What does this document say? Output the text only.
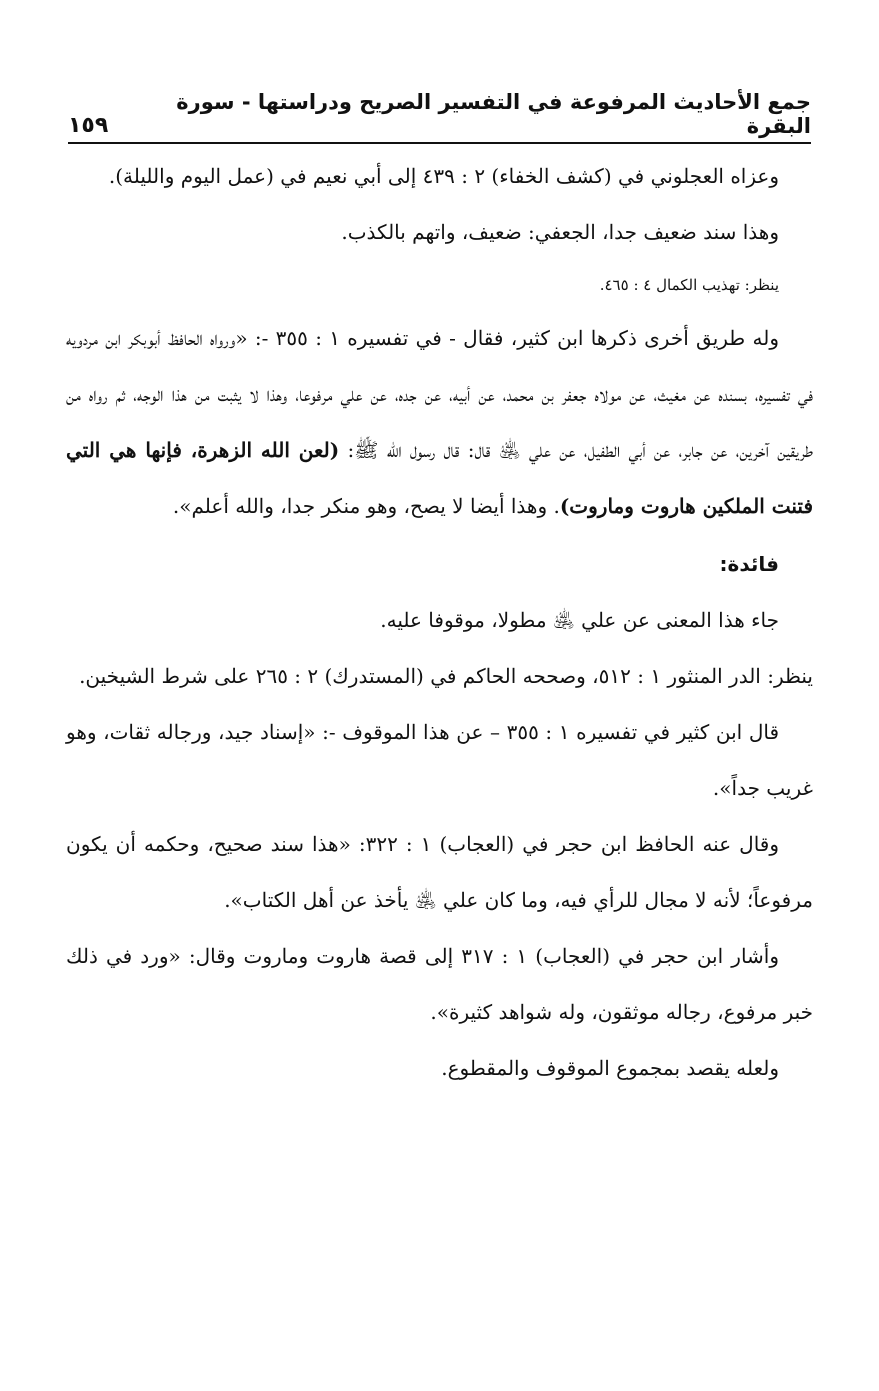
جمع الأحاديث المرفوعة في التفسير الصريح ودراستها - سورة البقرة
١٥٩

وعزاه العجلوني في (كشف الخفاء) ٢ : ٤٣٩ إلى أبي نعيم في (عمل اليوم والليلة).

وهذا سند ضعيف جدا، الجعفي: ضعيف، واتهم بالكذب.

ينظر: تهذيب الكمال ٤ : ٤٦٥.

وله طريق أخرى ذكرها ابن كثير، فقال - في تفسيره ١ : ٣٥٥ -: «ورواه الحافظ أبوبكر ابن مردويه في تفسيره، بسنده عن مغيث، عن مولاه جعفر بن محمد، عن أبيه، عن جده، عن علي مرفوعا، وهذا لا يثبت من هذا الوجه، ثم رواه من طريقين آخرين، عن جابر، عن أبي الطفيل، عن علي ﵁ قال: قال رسول الله ﷺ: (لعن الله الزهرة، فإنها هي التي فتنت الملكين هاروت وماروت). وهذا أيضا لا يصح، وهو منكر جدا، والله أعلم».

فائدة:

جاء هذا المعنى عن علي ﵁ مطولا، موقوفا عليه.

ينظر: الدر المنثور ١ : ٥١٢، وصححه الحاكم في (المستدرك) ٢ : ٢٦٥ على شرط الشيخين.

قال ابن كثير في تفسيره ١ : ٣٥٥ – عن هذا الموقوف -: «إسناد جيد، ورجاله ثقات، وهو غريب جداً».

وقال عنه الحافظ ابن حجر في (العجاب) ١ : ٣٢٢: «هذا سند صحيح، وحكمه أن يكون مرفوعاً؛ لأنه لا مجال للرأي فيه، وما كان علي ﵁ يأخذ عن أهل الكتاب».

وأشار ابن حجر في (العجاب) ١ : ٣١٧ إلى قصة هاروت وماروت وقال: «ورد في ذلك خبر مرفوع، رجاله موثقون، وله شواهد كثيرة».

ولعله يقصد بمجموع الموقوف والمقطوع.
